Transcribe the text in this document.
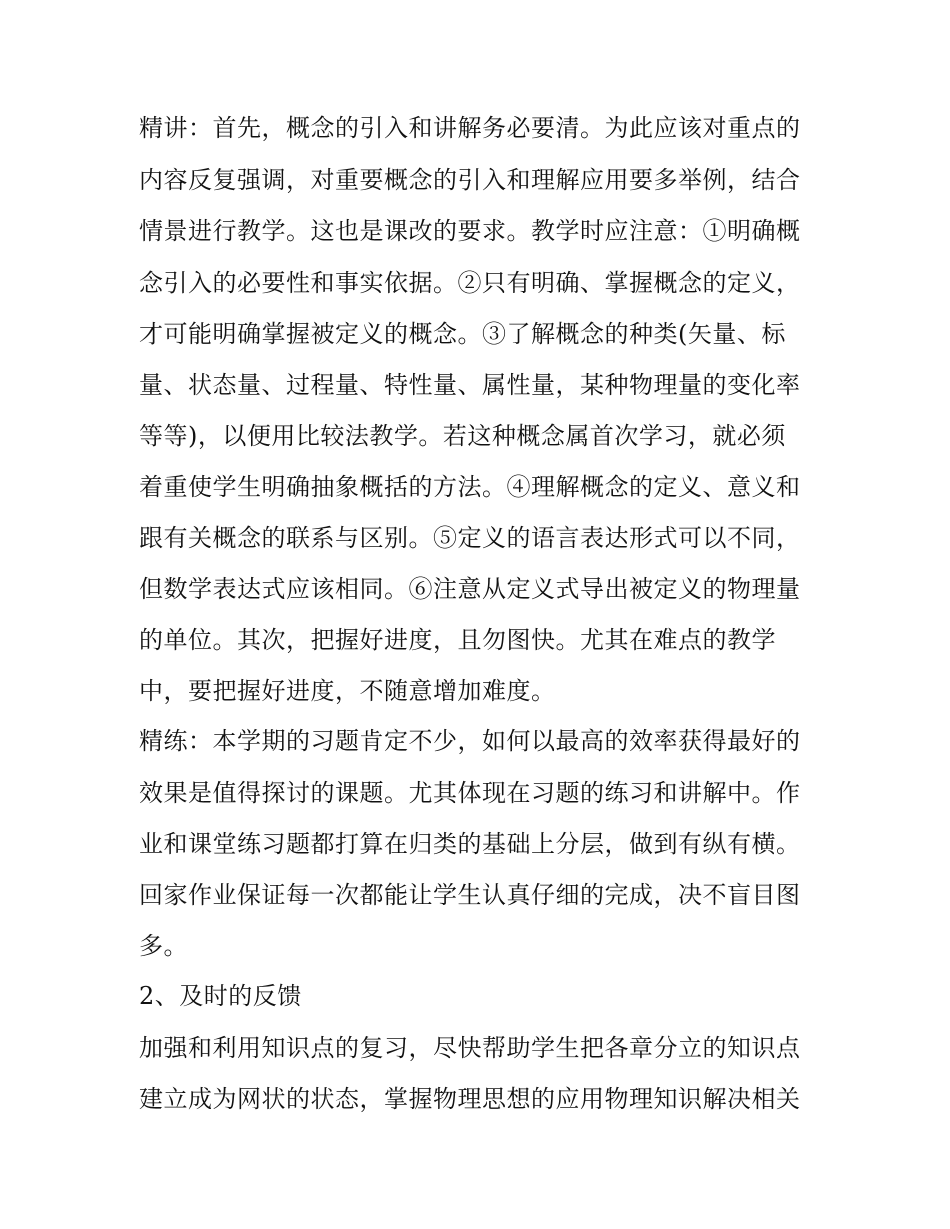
精讲：首先，概念的引入和讲解务必要清。为此应该对重点的
内容反复强调，对重要概念的引入和理解应用要多举例，结合
情景进行教学。这也是课改的要求。教学时应注意：①明确概
念引入的必要性和事实依据。②只有明确、掌握概念的定义，
才可能明确掌握被定义的概念。③了解概念的种类(矢量、标
量、状态量、过程量、特性量、属性量，某种物理量的变化率
等等)，以便用比较法教学。若这种概念属首次学习，就必须
着重使学生明确抽象概括的方法。④理解概念的定义、意义和
跟有关概念的联系与区别。⑤定义的语言表达形式可以不同，
但数学表达式应该相同。⑥注意从定义式导出被定义的物理量
的单位。其次，把握好进度，且勿图快。尤其在难点的教学
中，要把握好进度，不随意增加难度。
精练：本学期的习题肯定不少，如何以最高的效率获得最好的
效果是值得探讨的课题。尤其体现在习题的练习和讲解中。作
业和课堂练习题都打算在归类的基础上分层，做到有纵有横。
回家作业保证每一次都能让学生认真仔细的完成，决不盲目图
多。
2、及时的反馈
加强和利用知识点的复习，尽快帮助学生把各章分立的知识点
建立成为网状的状态，掌握物理思想的应用物理知识解决相关
